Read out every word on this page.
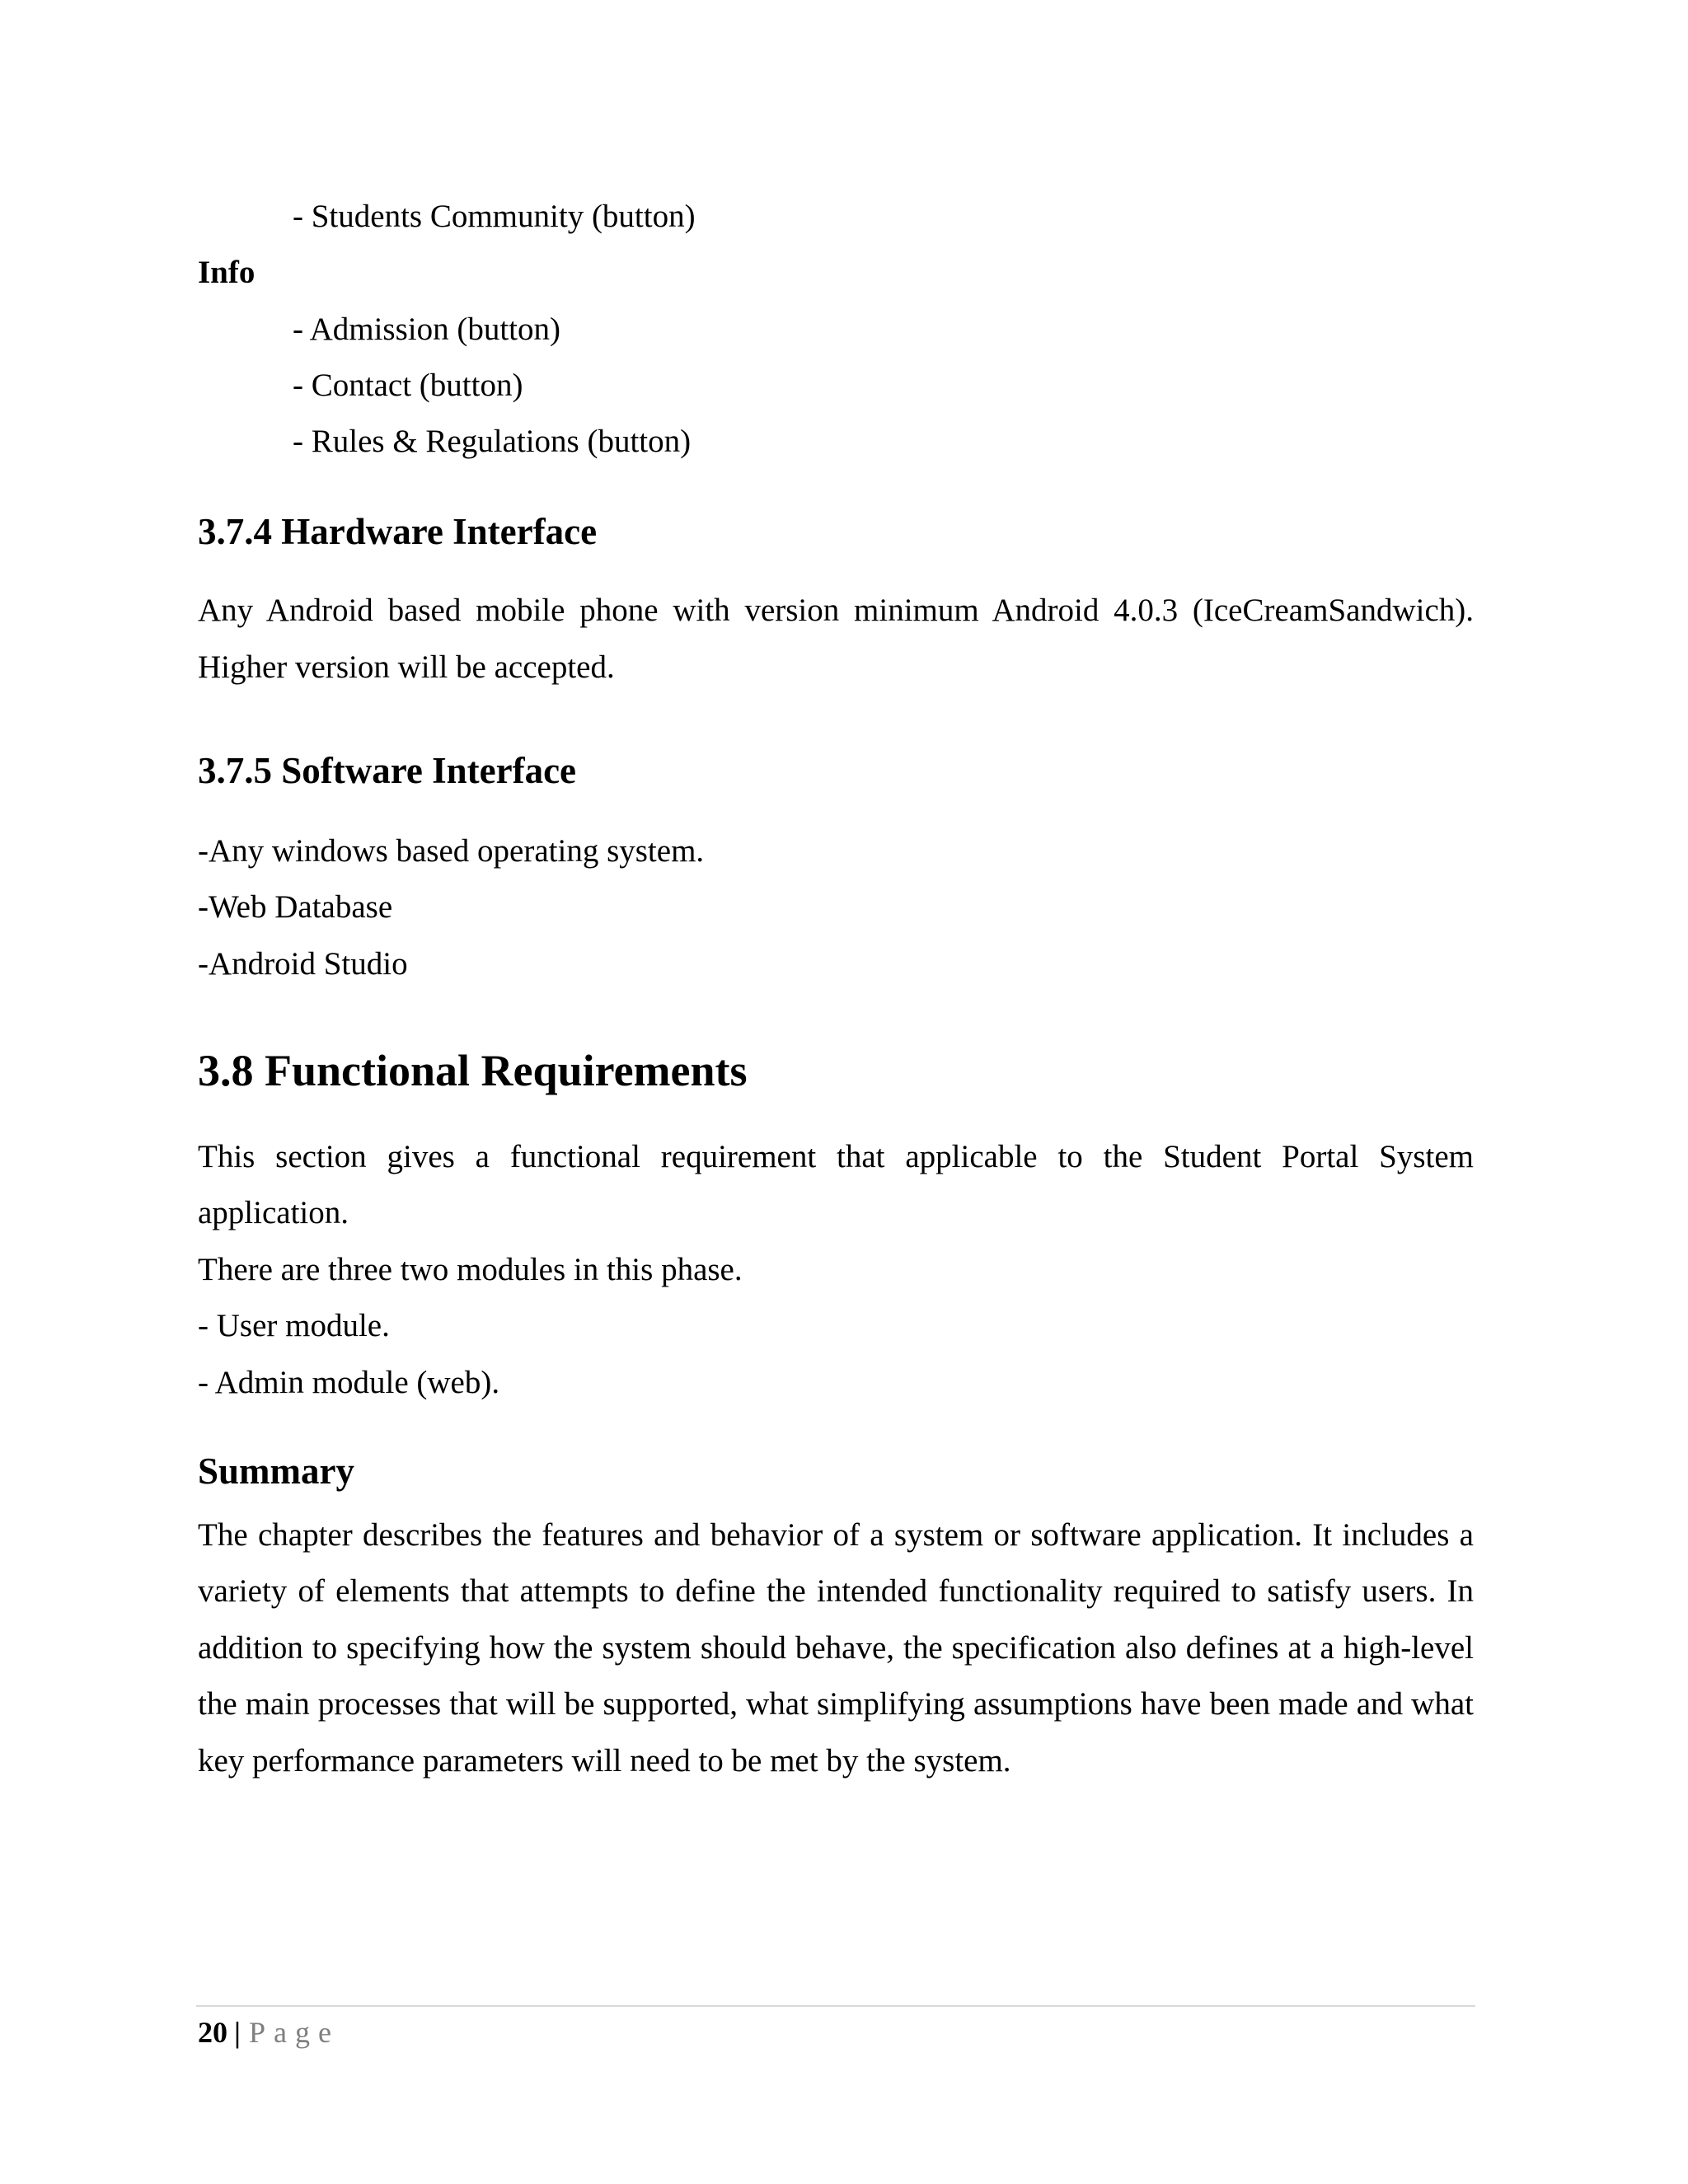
- Students Community (button)
Info
- Admission (button)
- Contact (button)
- Rules & Regulations (button)
3.7.4 Hardware Interface
Any Android based mobile phone with version minimum Android 4.0.3 (IceCreamSandwich).
Higher version will be accepted.
3.7.5 Software Interface
-Any windows based operating system.
-Web Database
-Android Studio
3.8 Functional Requirements
This section gives a functional requirement that applicable to the Student Portal System
application.
There are three two modules in this phase.
- User module.
- Admin module (web).
Summary
The chapter describes the features and behavior of a system or software application. It includes a
variety of elements that attempts to define the intended functionality required to satisfy users. In
addition to specifying how the system should behave, the specification also defines at a high-level
the main processes that will be supported, what simplifying assumptions have been made and what
key performance parameters will need to be met by the system.
20 | Page
